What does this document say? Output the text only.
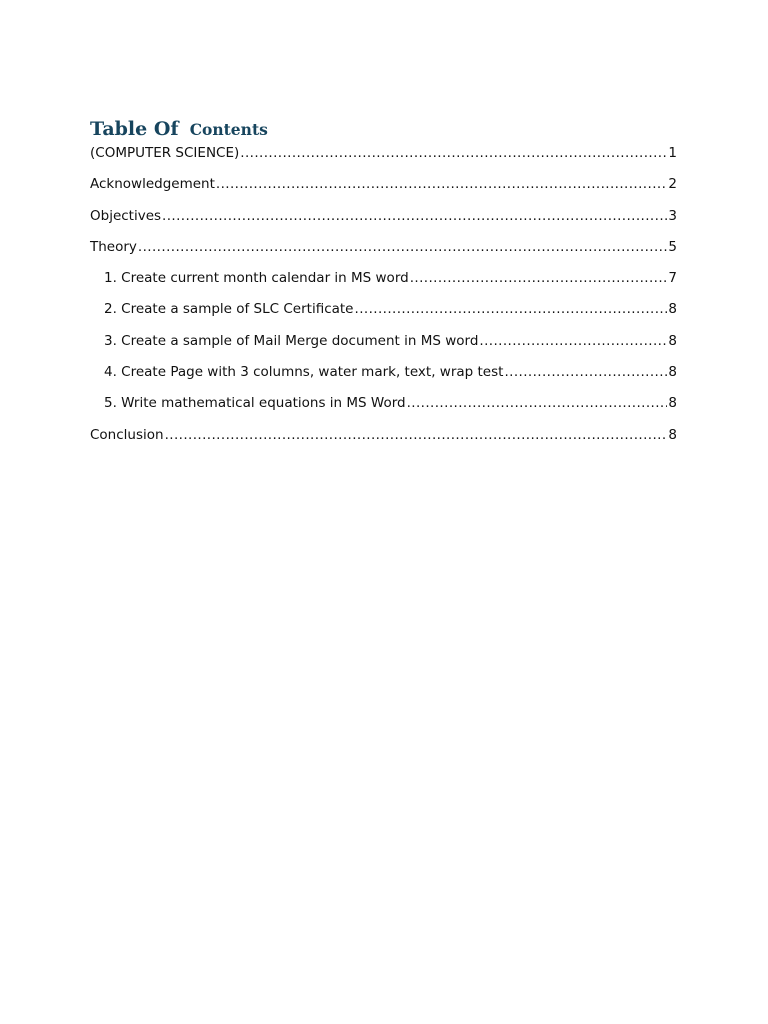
Table Of Contents
(COMPUTER SCIENCE) .....	1
Acknowledgement .....	2
Objectives .....	3
Theory .....	5
1. Create current month calendar in MS word .....	7
2. Create a sample of SLC Certificate .....	8
3. Create a sample of Mail Merge document in MS word .....	8
4. Create Page with 3 columns, water mark, text, wrap test .....	8
5. Write mathematical equations in MS Word .....	8
Conclusion .....	8
